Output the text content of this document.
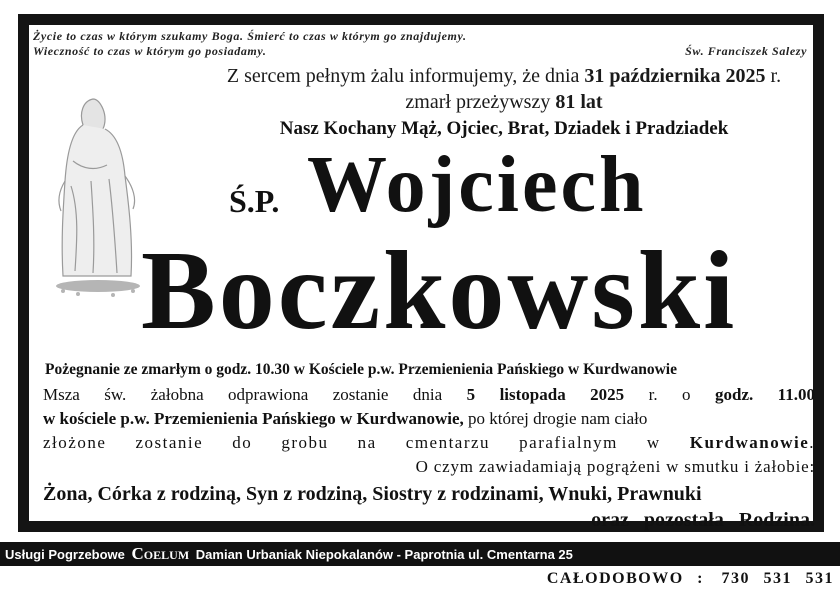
Życie to czas w którym szukamy Boga. Śmierć to czas w którym go znajdujemy.
Wieczność to czas w którym go posiadamy.	Św. Franciszek Salezy
Z sercem pełnym żalu informujemy, że dnia 31 października 2025 r.
zmarł przeżywszy 81 lat
Nasz Kochany Mąż, Ojciec, Brat, Dziadek i Pradziadek
Ś.P. Wojciech
Boczkowski
Pożegnanie ze zmarłym o godz. 10.30 w Kościele p.w. Przemienienia Pańskiego w Kurdwanowie
Msza św. żałobna odprawiona zostanie dnia 5 listopada 2025 r. o godz. 11.00
w kościele p.w. Przemienienia Pańskiego w Kurdwanowie, po której drogie nam ciało
złożone zostanie do grobu na cmentarzu parafialnym w Kurdwanowie.
O czym zawiadamiają pogrążeni w smutku i żałobie:
Żona, Córka z rodziną, Syn z rodziną, Siostry z rodzinami, Wnuki, Prawnuki
oraz pozostała Rodzina.
Usługi Pogrzebowe Coelum Damian Urbaniak Niepokalanów - Paprotnia ul. Cmentarna 25
CAŁODOBOWO : 730 531 531
